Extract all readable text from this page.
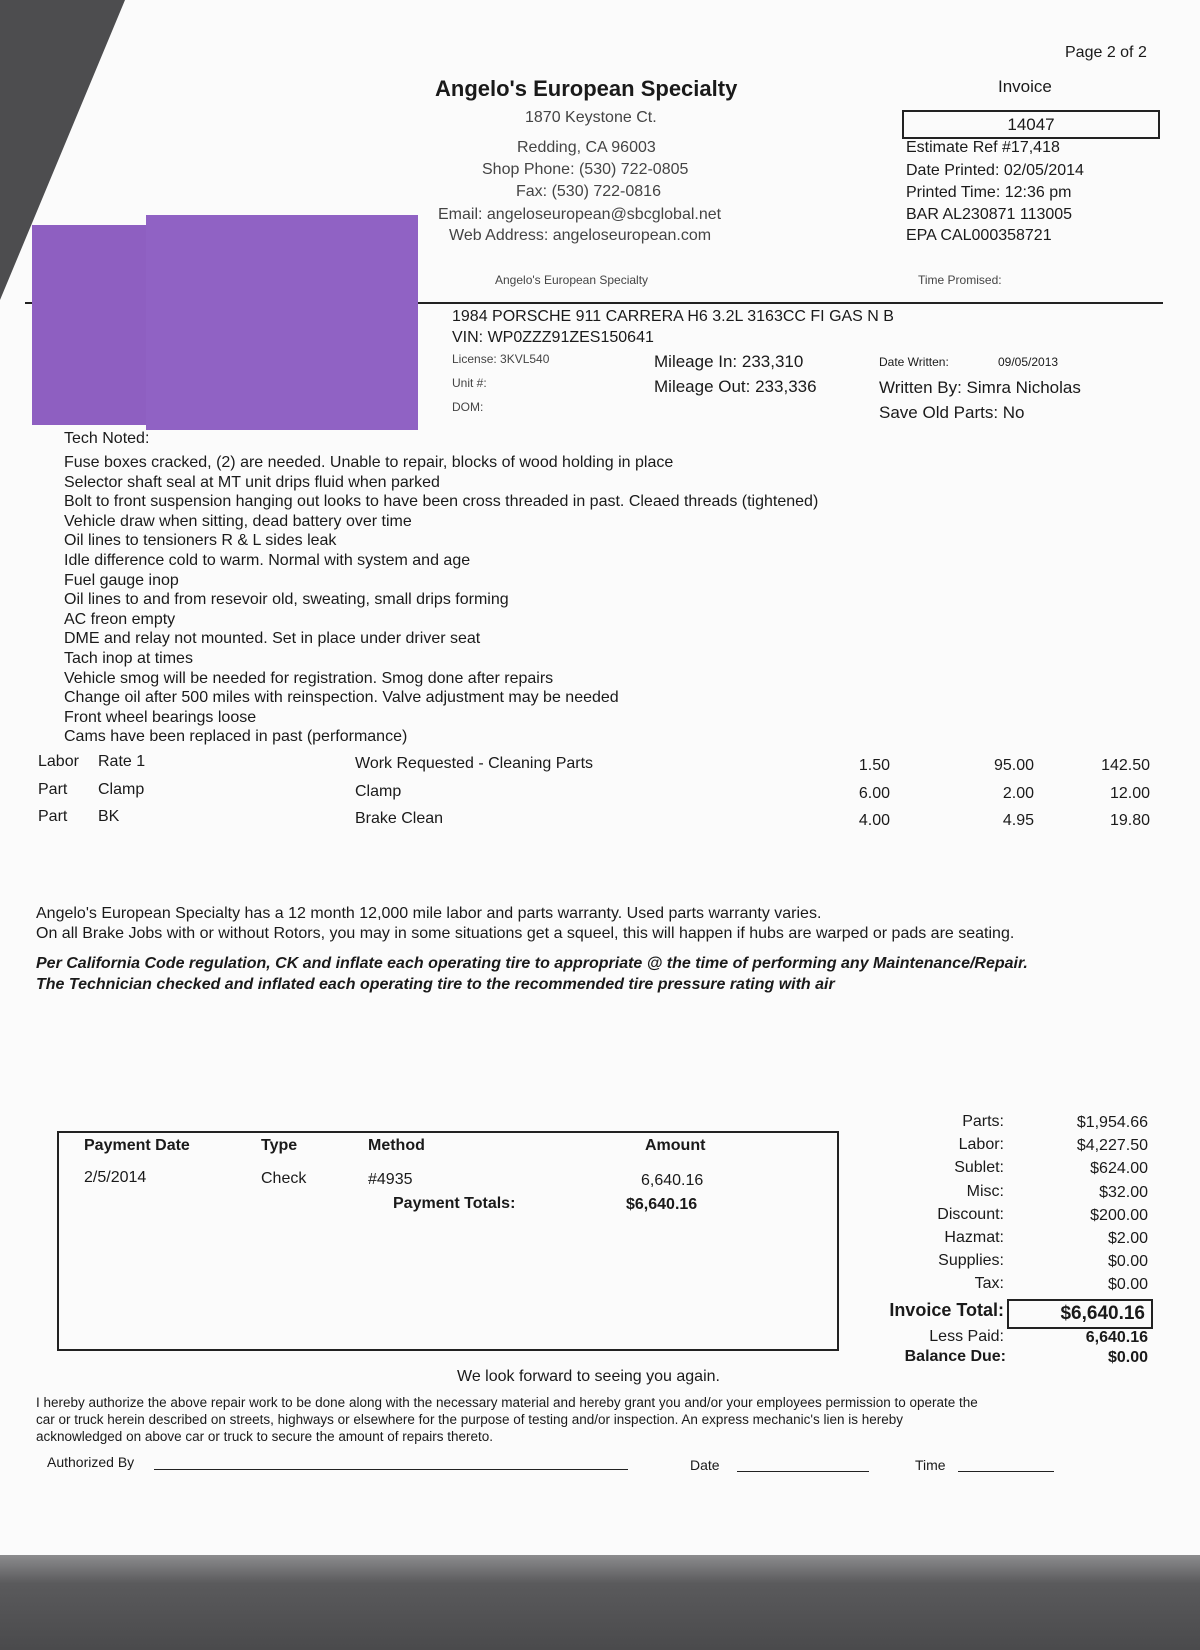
Page 2 of 2
Angelo's European Specialty
1870 Keystone Ct.
Redding, CA 96003
Shop Phone: (530) 722-0805
Fax: (530) 722-0816
Email: angeloseuropean@sbcglobal.net
Web Address: angeloseuropean.com
Angelo's European Specialty	Time Promised:
Invoice
14047
Estimate Ref #17,418
Date Printed: 02/05/2014
Printed Time: 12:36 pm
BAR AL230871 113005
EPA CAL000358721
1984 PORSCHE 911 CARRERA H6 3.2L 3163CC FI GAS N B
VIN: WP0ZZZ91ZES150641
License: 3KVL540
Unit #:
DOM:
Mileage In: 233,310
Mileage Out: 233,336
Date Written:	09/05/2013
Written By: Simra Nicholas
Save Old Parts: No
Tech Noted:
Fuse boxes cracked, (2) are needed. Unable to repair, blocks of wood holding in place
Selector shaft seal at MT unit drips fluid when parked
Bolt to front suspension hanging out looks to have been cross threaded in past. Cleaed threads (tightened)
Vehicle draw when sitting, dead battery over time
Oil lines to tensioners R & L sides leak
Idle difference cold to warm. Normal with system and age
Fuel gauge inop
Oil lines to and from resevoir old, sweating, small drips forming
AC freon empty
DME and relay not mounted. Set in place under driver seat
Tach inop at times
Vehicle smog will be needed for registration. Smog done after repairs
Change oil after 500 miles with reinspection. Valve adjustment may be needed
Front wheel bearings loose
Cams have been replaced in past (performance)
Labor Rate 1	Work Requested - Cleaning Parts	1.50	95.00	142.50
Part Clamp	Clamp	6.00	2.00	12.00
Part BK	Brake Clean	4.00	4.95	19.80
Angelo's European Specialty has a 12 month 12,000 mile labor and parts warranty. Used parts warranty varies.
On all Brake Jobs with or without Rotors, you may in some situations get a squeel, this will happen if hubs are warped or pads are seating.
Per California Code regulation, CK and inflate each operating tire to appropriate @ the time of performing any Maintenance/Repair.
The Technician checked and inflated each operating tire to the recommended tire pressure rating with air
Payment Date	Type	Method	Amount
2/5/2014	Check	#4935	6,640.16
Payment Totals:	$6,640.16
Parts:	$1,954.66
Labor:	$4,227.50
Sublet:	$624.00
Misc:	$32.00
Discount:	$200.00
Hazmat:	$2.00
Supplies:	$0.00
Tax:	$0.00
Invoice Total:	$6,640.16
Less Paid:	6,640.16
Balance Due:	$0.00
We look forward to seeing you again.
I hereby authorize the above repair work to be done along with the necessary material and hereby grant you and/or your employees permission to operate the
car or truck herein described on streets, highways or elsewhere for the purpose of testing and/or inspection. An express mechanic's lien is hereby
acknowledged on above car or truck to secure the amount of repairs thereto.
Authorized By	Date	Time
